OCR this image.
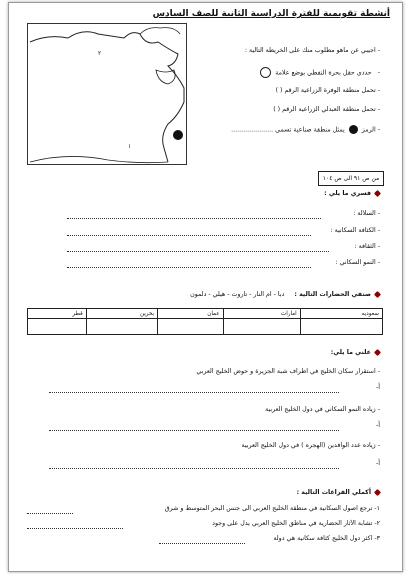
أنشطة تقويمية للفترة الدراسية الثانية للصف السادس
٢
١
- اجيبي عن ماهو مطلوب منك على الخريطة التالية :
-   حددي حقل بحرة النفطي بوضع علامة
- تحمل منطقة الوفرة الزراعية الرقم ( )
- تحمل منطقة العبدلي الزراعية الرقم ( )
- الرمز  يمثل منطقة صناعية تسمى .....................
من ص ٩١ الى ص ١٠٤
فسري ما يلي :
- السلالة :
- الكثافة السكانية :
- الثقافة :
- النمو السكاني :
صنفي الحضارات التالية :     دبا - ام النار - تاروت - هيلي - دلمون
سعوديه	امارات	عمان	بحرين	قطر

علني ما يلي:
- استقرار سكان الخليج في اطراف شبة الجزيرة و حوض الخليج العربي
أ-
- زياده النمو السكاني في دول الخليج العربية
أ-
- زياده عدد الوافدين (الهجره ) في دول الخليج العربية
أ-
أكملي الفراغات التالية :
١- ترجع اصول السكانية في منطقة الخليج العربي الى جنس البحر المتوسط و شرق
٢- تشابة الآثار الحضارية في مناطق الخليج العربي يدل على وجود
٣- اكثر دول الخليج كثافة سكانية هي دولة
